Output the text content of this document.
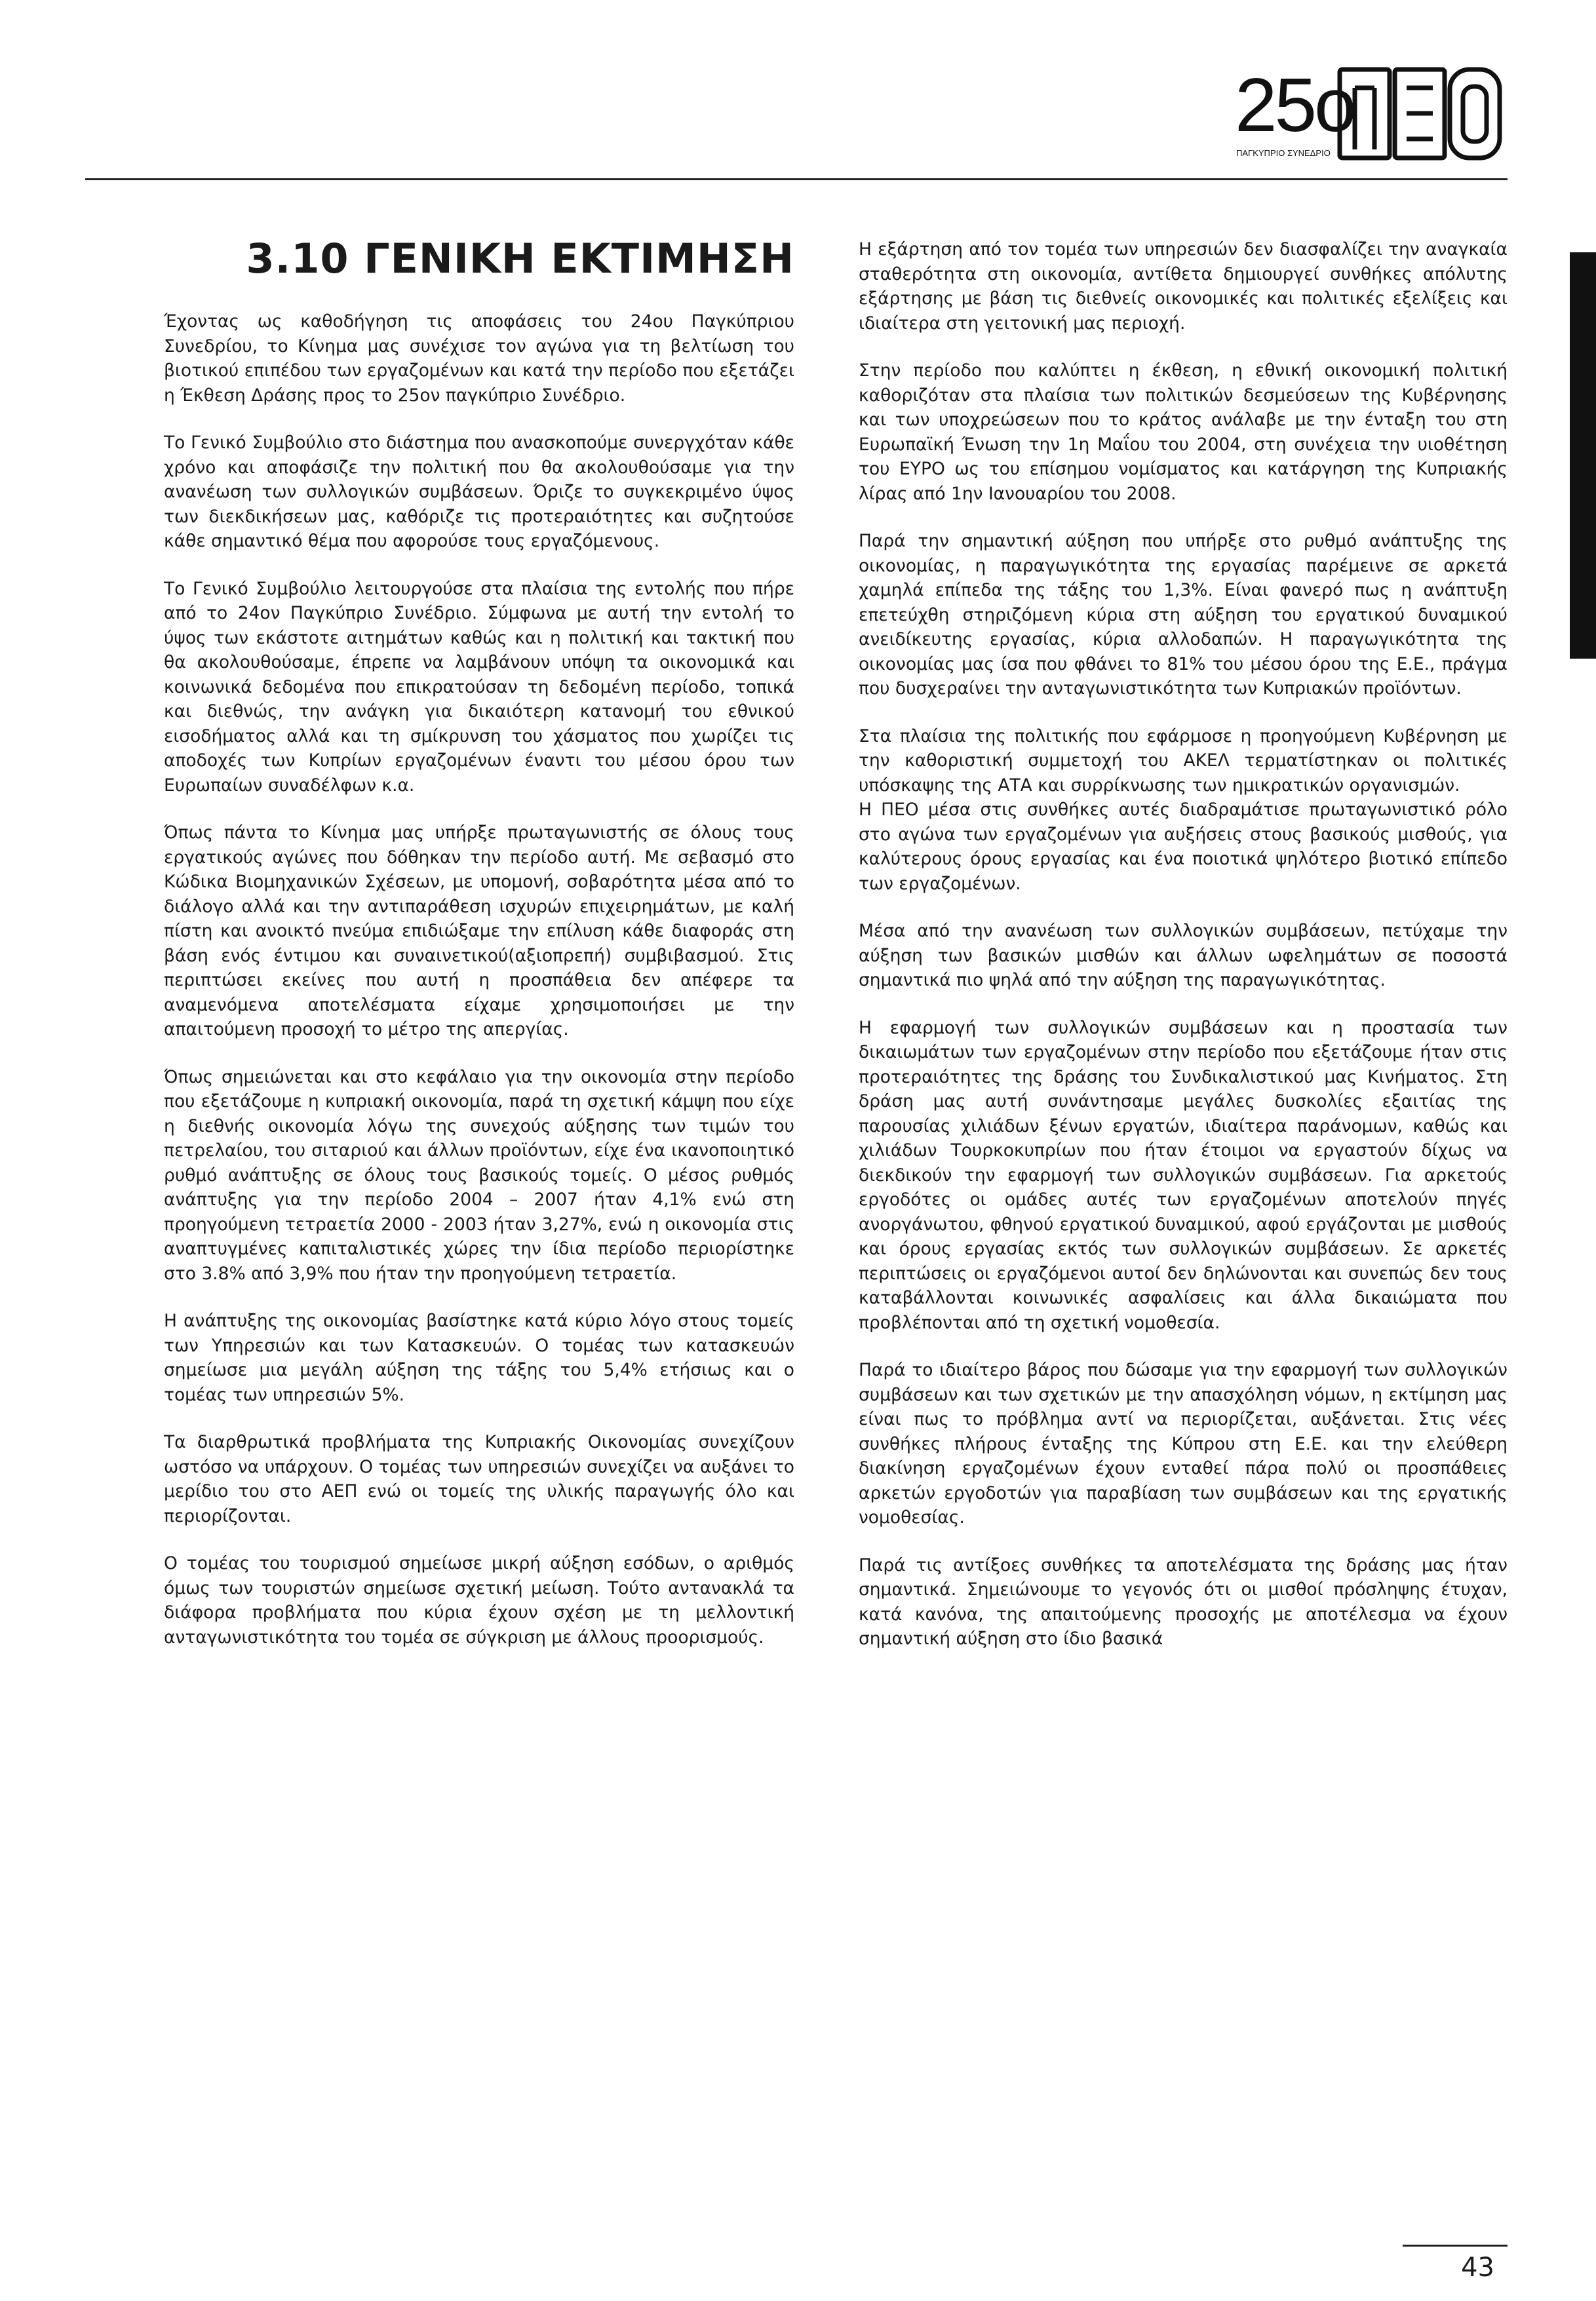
25o
ΠΑΓΚΥΠΡΙΟ ΣΥΝΕΔΡΙΟ
3.10 ΓΕΝΙΚΗ ΕΚΤΙΜΗΣΗ

Έχοντας ως καθοδήγηση τις αποφάσεις του 24ου Παγκύπριου Συνεδρίου, το Κίνημα μας συνέχισε τον αγώνα για τη βελτίωση του βιοτικού επιπέδου των εργαζομένων και κατά την περίοδο που εξετάζει η Έκθεση Δράσης προς το 25ον παγκύπριο Συνέδριο.

Το Γενικό Συμβούλιο στο διάστημα που ανασκοπούμε συνεργχόταν κάθε χρόνο και αποφάσιζε την πολιτική που θα ακολουθούσαμε για την ανανέωση των συλλογικών συμβάσεων. Όριζε το συγκεκριμένο ύψος των διεκδικήσεων μας, καθόριζε τις προτεραιότητες και συζητούσε κάθε σημαντικό θέμα που αφορούσε τους εργαζόμενους.

Το Γενικό Συμβούλιο λειτουργούσε στα πλαίσια της εντολής που πήρε από το 24ον Παγκύπριο Συνέδριο. Σύμφωνα με αυτή την εντολή το ύψος των εκάστοτε αιτημάτων καθώς και η πολιτική και τακτική που θα ακολουθούσαμε, έπρεπε να λαμβάνουν υπόψη τα οικονομικά και κοινωνικά δεδομένα που επικρατούσαν τη δεδομένη περίοδο, τοπικά και διεθνώς, την ανάγκη για δικαιότερη κατανομή του εθνικού εισοδήματος αλλά και τη σμίκρυνση του χάσματος που χωρίζει τις αποδοχές των Κυπρίων εργαζομένων έναντι του μέσου όρου των Ευρωπαίων συναδέλφων κ.α.

Όπως πάντα το Κίνημα μας υπήρξε πρωταγωνιστής σε όλους τους εργατικούς αγώνες που δόθηκαν την περίοδο αυτή. Με σεβασμό στο Κώδικα Βιομηχανικών Σχέσεων, με υπομονή, σοβαρότητα μέσα από το διάλογο αλλά και την αντιπαράθεση ισχυρών επιχειρημάτων, με καλή πίστη και ανοικτό πνεύμα επιδιώξαμε την επίλυση κάθε διαφοράς στη βάση ενός έντιμου και συναινετικού(αξιοπρεπή) συμβιβασμού. Στις περιπτώσει εκείνες που αυτή η προσπάθεια δεν απέφερε τα αναμενόμενα αποτελέσματα είχαμε χρησιμοποιήσει με την απαιτούμενη προσοχή το μέτρο της απεργίας.

Όπως σημειώνεται και στο κεφάλαιο για την οικονομία στην περίοδο που εξετάζουμε η κυπριακή οικονομία, παρά τη σχετική κάμψη που είχε η διεθνής οικονομία λόγω της συνεχούς αύξησης των τιμών του πετρελαίου, του σιταριού και άλλων προϊόντων, είχε ένα ικανοποιητικό ρυθμό ανάπτυξης σε όλους τους βασικούς τομείς. Ο μέσος ρυθμός ανάπτυξης για την περίοδο 2004 – 2007 ήταν 4,1% ενώ στη προηγούμενη τετραετία 2000 - 2003 ήταν 3,27%, ενώ η οικονομία στις αναπτυγμένες καπιταλιστικές χώρες την ίδια περίοδο περιορίστηκε στο 3.8% από 3,9% που ήταν την προηγούμενη τετραετία.

Η ανάπτυξης της οικονομίας βασίστηκε κατά κύριο λόγο στους τομείς των Υπηρεσιών και των Κατασκευών. Ο τομέας των κατασκευών σημείωσε μια μεγάλη αύξηση της τάξης του 5,4% ετήσιως και ο τομέας των υπηρεσιών 5%.

Τα διαρθρωτικά προβλήματα της Κυπριακής Οικονομίας συνεχίζουν ωστόσο να υπάρχουν. Ο τομέας των υπηρεσιών συνεχίζει να αυξάνει το μερίδιο του στο ΑΕΠ ενώ οι τομείς της υλικής παραγωγής όλο και περιορίζονται.

Ο τομέας του τουρισμού σημείωσε μικρή αύξηση εσόδων, ο αριθμός όμως των τουριστών σημείωσε σχετική μείωση. Τούτο αντανακλά τα διάφορα προβλήματα που κύρια έχουν σχέση με τη μελλοντική ανταγωνιστικότητα του τομέα σε σύγκριση με άλλους προορισμούς.

Η εξάρτηση από τον τομέα των υπηρεσιών δεν διασφαλίζει την αναγκαία σταθερότητα στη οικονομία, αντίθετα δημιουργεί συνθήκες απόλυτης εξάρτησης με βάση τις διεθνείς οικονομικές και πολιτικές εξελίξεις και ιδιαίτερα στη γειτονική μας περιοχή.

Στην περίοδο που καλύπτει η έκθεση, η εθνική οικονομική πολιτική καθοριζόταν στα πλαίσια των πολιτικών δεσμεύσεων της Κυβέρνησης και των υποχρεώσεων που το κράτος ανάλαβε με την ένταξη του στη Ευρωπαϊκή Ένωση την 1η Μαΐου του 2004, στη συνέχεια την υιοθέτηση του ΕΥΡΟ ως του επίσημου νομίσματος και κατάργηση της Κυπριακής λίρας από 1ην Ιανουαρίου του 2008.

Παρά την σημαντική αύξηση που υπήρξε στο ρυθμό ανάπτυξης της οικονομίας, η παραγωγικότητα της εργασίας παρέμεινε σε αρκετά χαμηλά επίπεδα της τάξης του 1,3%. Είναι φανερό πως η ανάπτυξη επετεύχθη στηριζόμενη κύρια στη αύξηση του εργατικού δυναμικού ανειδίκευτης εργασίας, κύρια αλλοδαπών. Η παραγωγικότητα της οικονομίας μας ίσα που φθάνει το 81% του μέσου όρου της Ε.Ε., πράγμα που δυσχεραίνει την ανταγωνιστικότητα των Κυπριακών προϊόντων.

Στα πλαίσια της πολιτικής που εφάρμοσε η προηγούμενη Κυβέρνηση με την καθοριστική συμμετοχή του ΑΚΕΛ τερματίστηκαν οι πολιτικές υπόσκαψης της ΑΤΑ και συρρίκνωσης των ημικρατικών οργανισμών.

Η ΠΕΟ μέσα στις συνθήκες αυτές διαδραμάτισε πρωταγωνιστικό ρόλο στο αγώνα των εργαζομένων για αυξήσεις στους βασικούς μισθούς, για καλύτερους όρους εργασίας και ένα ποιοτικά ψηλότερο βιοτικό επίπεδο των εργαζομένων.

Μέσα από την ανανέωση των συλλογικών συμβάσεων, πετύχαμε την αύξηση των βασικών μισθών και άλλων ωφελημάτων σε ποσοστά σημαντικά πιο ψηλά από την αύξηση της παραγωγικότητας.

Η εφαρμογή των συλλογικών συμβάσεων και η προστασία των δικαιωμάτων των εργαζομένων στην περίοδο που εξετάζουμε ήταν στις προτεραιότητες της δράσης του Συνδικαλιστικού μας Κινήματος. Στη δράση μας αυτή συνάντησαμε μεγάλες δυσκολίες εξαιτίας της παρουσίας χιλιάδων ξένων εργατών, ιδιαίτερα παράνομων, καθώς και χιλιάδων Τουρκοκυπρίων που ήταν έτοιμοι να εργαστούν δίχως να διεκδικούν την εφαρμογή των συλλογικών συμβάσεων. Για αρκετούς εργοδότες οι ομάδες αυτές των εργαζομένων αποτελούν πηγές ανοργάνωτου, φθηνού εργατικού δυναμικού, αφού εργάζονται με μισθούς και όρους εργασίας εκτός των συλλογικών συμβάσεων. Σε αρκετές περιπτώσεις οι εργαζόμενοι αυτοί δεν δηλώνονται και συνεπώς δεν τους καταβάλλονται κοινωνικές ασφαλίσεις και άλλα δικαιώματα που προβλέπονται από τη σχετική νομοθεσία.

Παρά το ιδιαίτερο βάρος που δώσαμε για την εφαρμογή των συλλογικών συμβάσεων και των σχετικών με την απασχόληση νόμων, η εκτίμηση μας είναι πως το πρόβλημα αντί να περιορίζεται, αυξάνεται. Στις νέες συνθήκες πλήρους ένταξης της Κύπρου στη Ε.Ε. και την ελεύθερη διακίνηση εργαζομένων έχουν ενταθεί πάρα πολύ οι προσπάθειες αρκετών εργοδοτών για παραβίαση των συμβάσεων και της εργατικής νομοθεσίας.

Παρά τις αντίξοες συνθήκες τα αποτελέσματα της δράσης μας ήταν σημαντικά. Σημειώνουμε το γεγονός ότι οι μισθοί πρόσληψης έτυχαν, κατά κανόνα, της απαιτούμενης προσοχής με αποτέλεσμα να έχουν σημαντική αύξηση στο ίδιο βασικά

43
